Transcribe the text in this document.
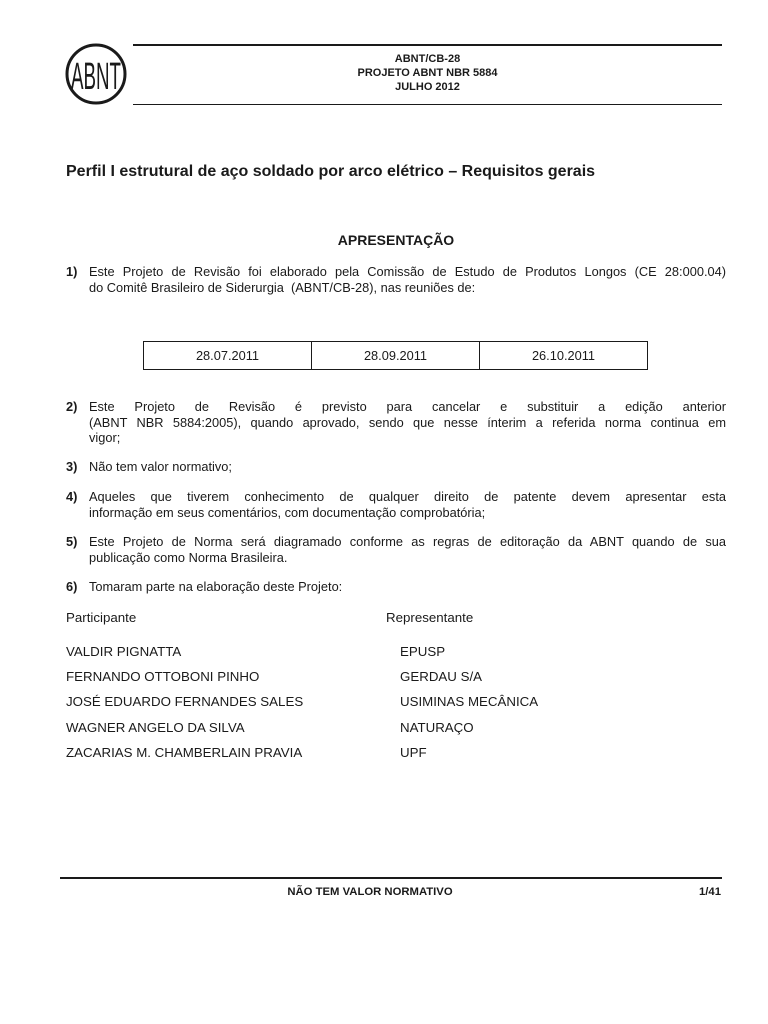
ABNT	ABNT/CB-28
PROJETO ABNT NBR 5884
JULHO 2012
Perfil I estrutural de aço soldado por arco elétrico – Requisitos gerais
APRESENTAÇÃO
1) Este Projeto de Revisão foi elaborado pela Comissão de Estudo de Produtos Longos (CE 28:000.04)
do Comitê Brasileiro de Siderurgia  (ABNT/CB-28), nas reuniões de:
28.07.2011	28.09.2011	26.10.2011
2) Este Projeto de Revisão é previsto para cancelar e substituir a edição anterior
(ABNT NBR 5884:2005), quando aprovado, sendo que nesse ínterim a referida norma continua em
vigor;
3) Não tem valor normativo;
4) Aqueles que tiverem conhecimento de qualquer direito de patente devem apresentar esta
informação em seus comentários, com documentação comprobatória;
5) Este Projeto de Norma será diagramado conforme as regras de editoração da ABNT quando de sua
publicação como Norma Brasileira.
6) Tomaram parte na elaboração deste Projeto:
Participante	Representante
VALDIR PIGNATTA	EPUSP
FERNANDO OTTOBONI PINHO	GERDAU S/A
JOSÉ EDUARDO FERNANDES SALES	USIMINAS MECÂNICA
WAGNER ANGELO DA SILVA	NATURAÇO
ZACARIAS M. CHAMBERLAIN PRAVIA	UPF
NÃO TEM VALOR NORMATIVO	1/41
